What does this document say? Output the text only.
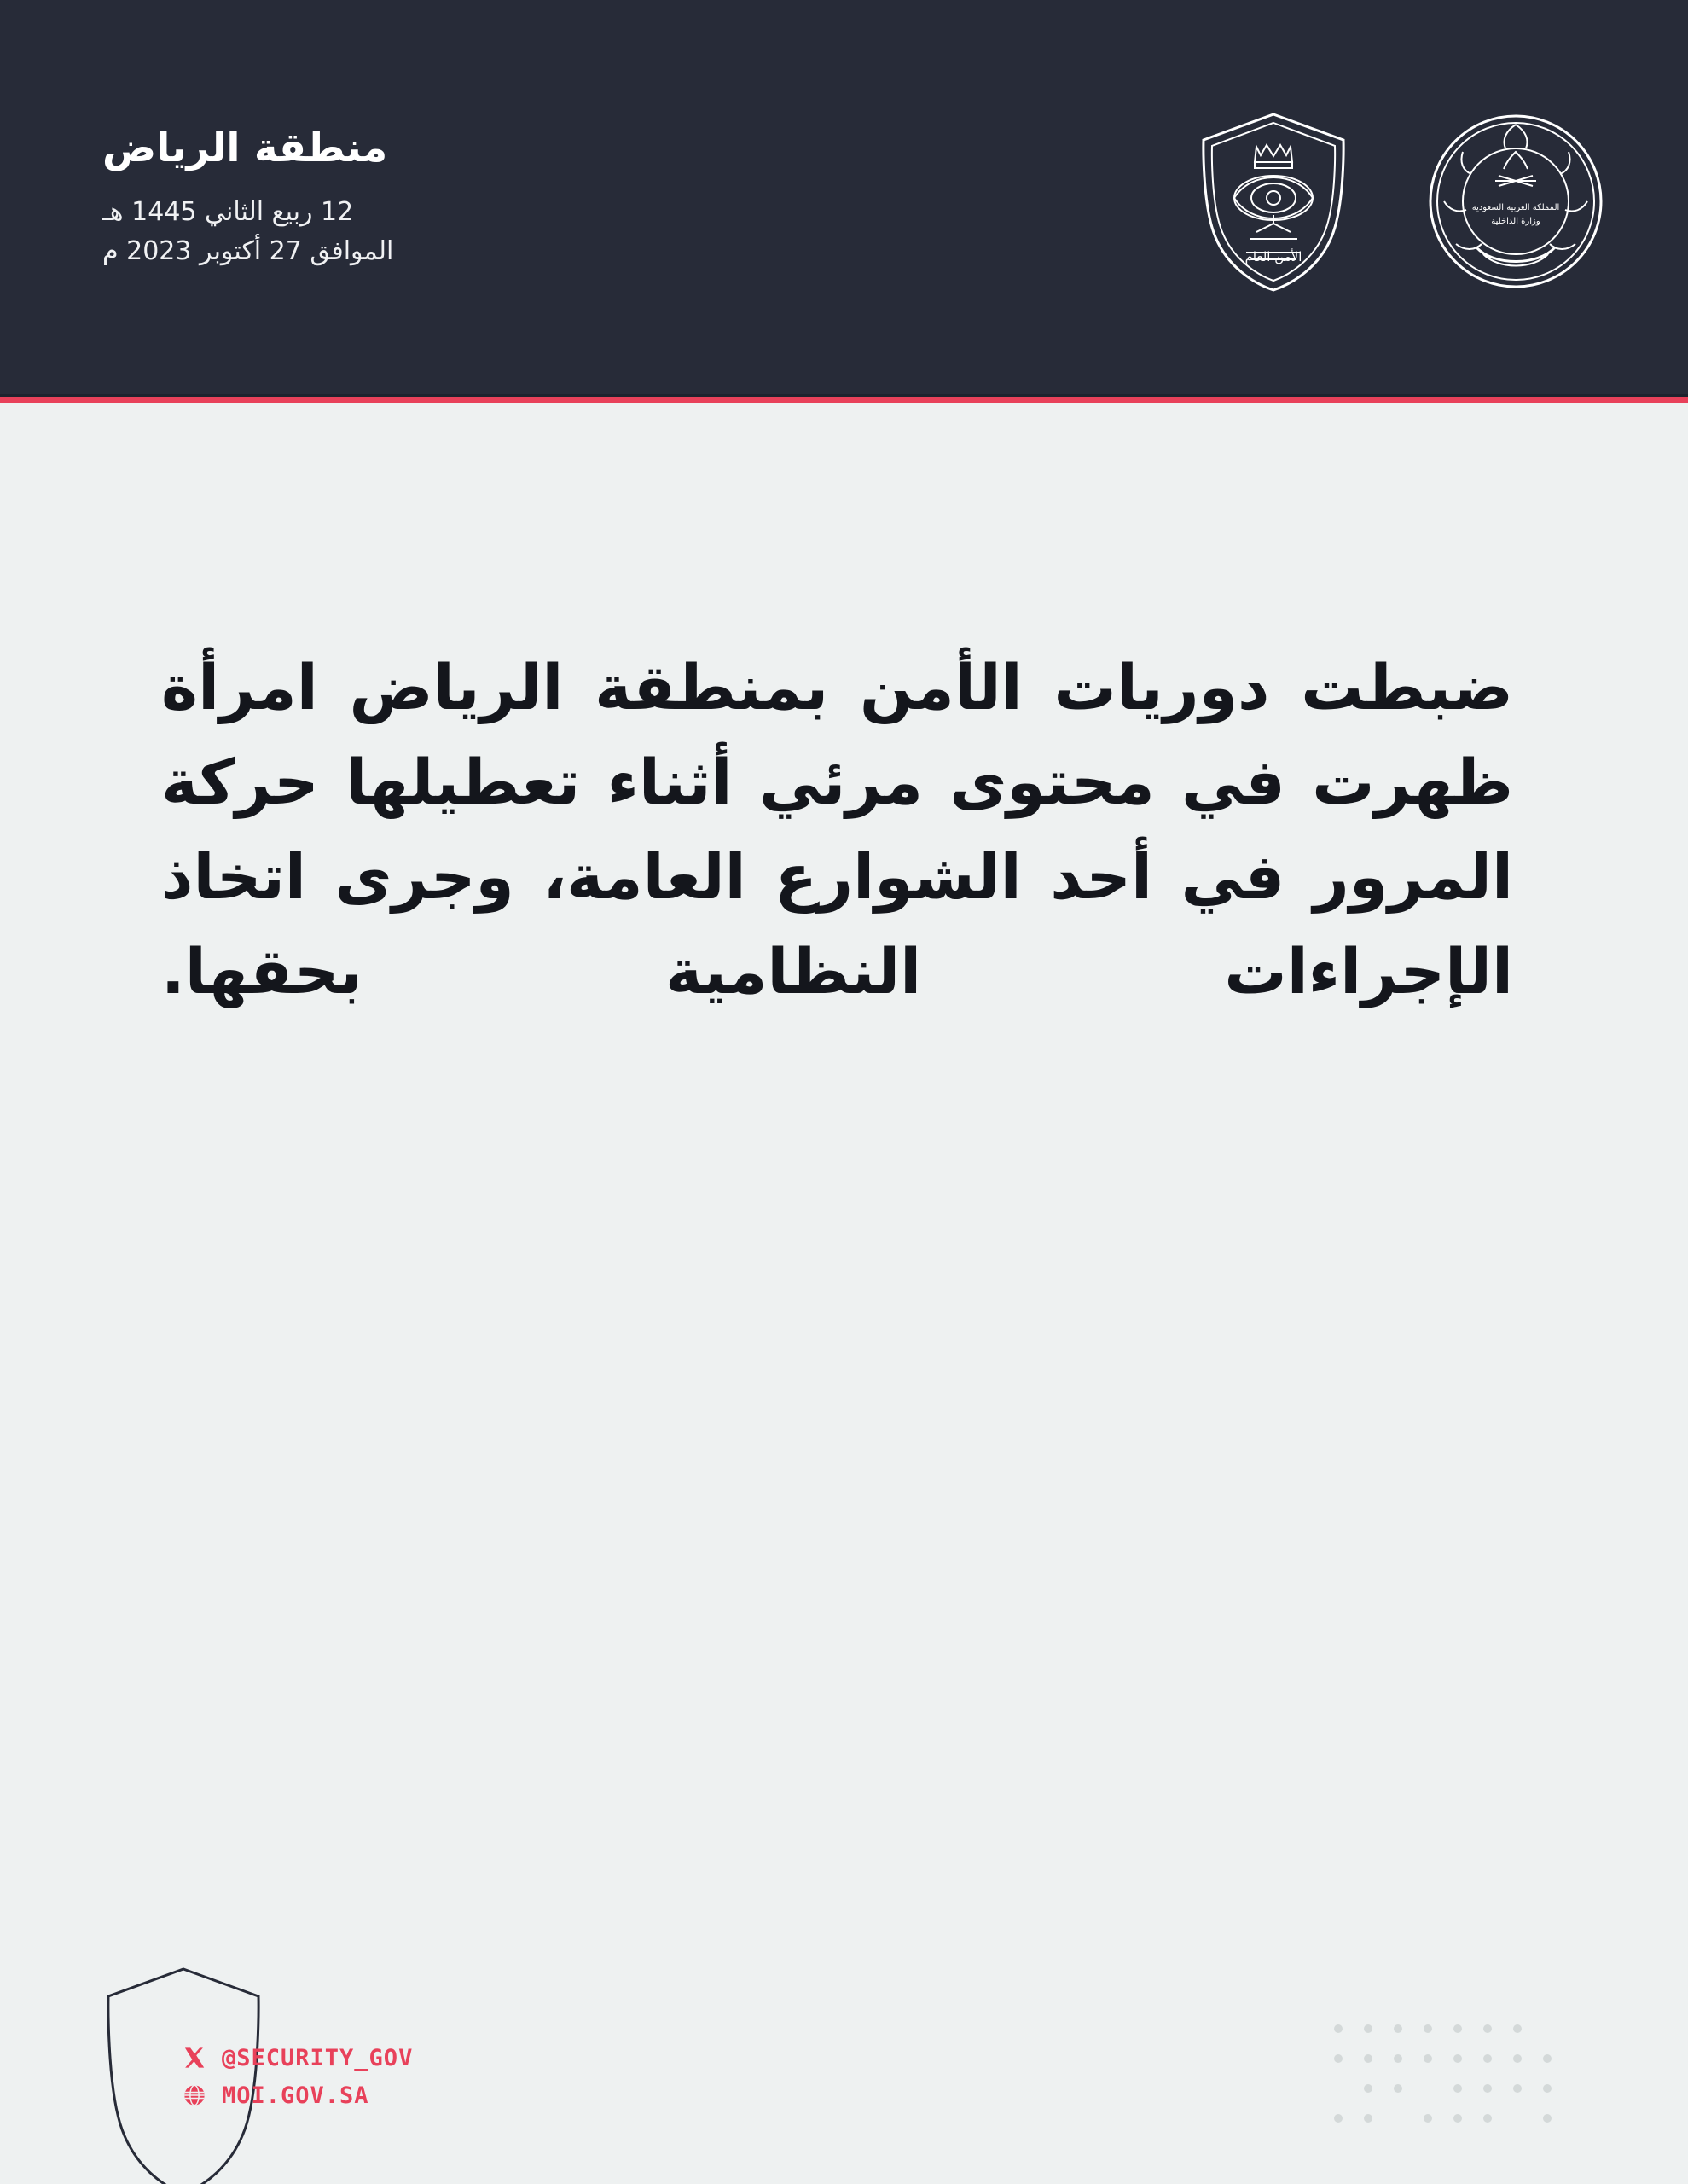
الأمن العام
المملكة العربية السعودية
وزارة الداخلية
منطقة الرياض
12 ربيع الثاني 1445 هـ
الموافق 27 أكتوبر 2023 م
ضبطت دوريات الأمن بمنطقة الرياض امرأة ظهرت في محتوى مرئي أثناء تعطيلها حركة المرور في أحد الشوارع العامة، وجرى اتخاذ الإجراءات النظامية بحقها.
@SECURITY_GOV
MOI.GOV.SA
